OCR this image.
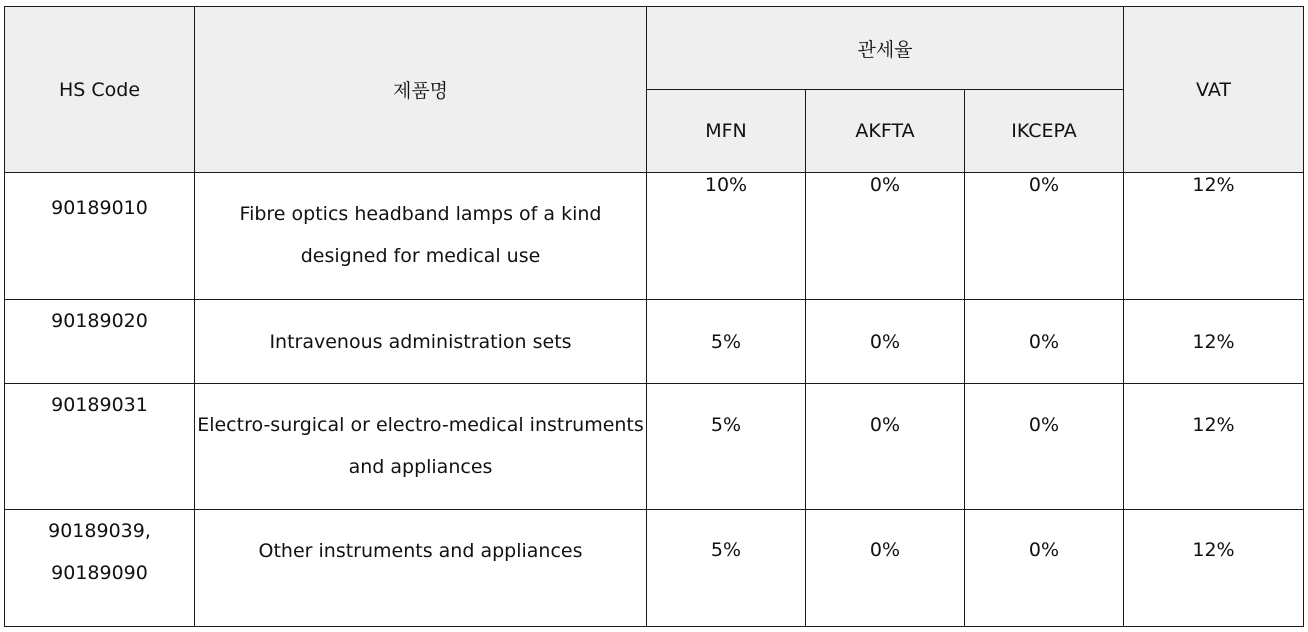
HS Code	제품명	관세율			VAT
		MFN	AKFTA	IKCEPA	

90189010	Fibre optics headband lamps of a kind designed for medical use	10%	0%	0%	12%

90189020	Intravenous administration sets	5%	0%	0%	12%

90189031	Electro-surgical or electro-medical instruments and appliances	5%	0%	0%	12%

90189039,
90189090	Other instruments and appliances	5%	0%	0%	12%
